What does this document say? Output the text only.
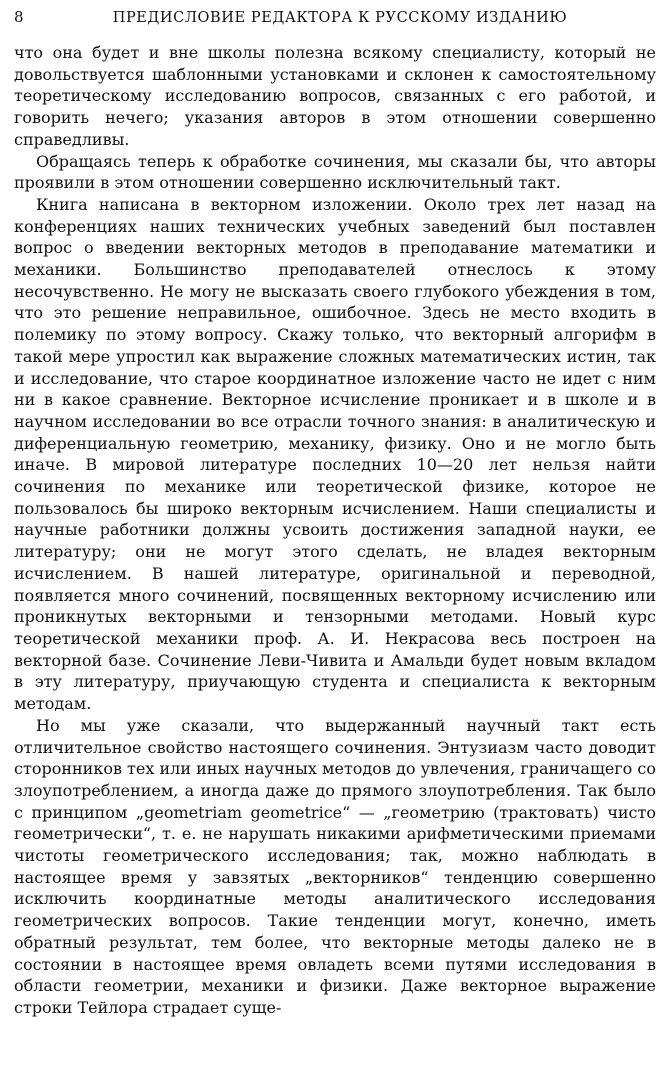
8	ПРЕДИСЛОВИЕ РЕДАКТОРА К РУССКОМУ ИЗДАНИЮ

что она будет и вне школы полезна всякому специалисту, который не довольствуется шаблонными установками и склонен к самостоятельному теоретическому исследованию вопросов, связанных с его работой, и говорить нечего; указания авторов в этом отношении совершенно справедливы.

Обращаясь теперь к обработке сочинения, мы сказали бы, что авторы проявили в этом отношении совершенно исключительный такт.

Книга написана в векторном изложении. Около трех лет назад на конференциях наших технических учебных заведений был поставлен вопрос о введении векторных методов в преподавание математики и механики. Большинство преподавателей отнеслось к этому несочувственно. Не могу не высказать своего глубокого убеждения в том, что это решение неправильное, ошибочное. Здесь не место входить в полемику по этому вопросу. Скажу только, что векторный алгорифм в такой мере упростил как выражение сложных математических истин, так и исследование, что старое координатное изложение часто не идет с ним ни в какое сравнение. Векторное исчисление проникает и в школе и в научном исследовании во все отрасли точного знания: в аналитическую и диференциальную геометрию, механику, физику. Оно и не могло быть иначе. В мировой литературе последних 10—20 лет нельзя найти сочинения по механике или теоретической физике, которое не пользовалось бы широко векторным исчислением. Наши специалисты и научные работники должны усвоить достижения западной науки, ее литературу; они не могут этого сделать, не владея векторным исчислением. В нашей литературе, оригинальной и переводной, появляется много сочинений, посвященных векторному исчислению или проникнутых векторными и тензорными методами. Новый курс теоретической механики проф. А. И. Некрасова весь построен на векторной базе. Сочинение Леви-Чивита и Амальди будет новым вкладом в эту литературу, приучающую студента и специалиста к векторным методам.

Но мы уже сказали, что выдержанный научный такт есть отличительное свойство настоящего сочинения. Энтузиазм часто доводит сторонников тех или иных научных методов до увлечения, граничащего со злоупотреблением, а иногда даже до прямого злоупотребления. Так было с принципом „geometriam geometrice“ — „геометрию (трактовать) чисто геометрически“, т. е. не нарушать никакими арифметическими приемами чистоты геометрического исследования; так, можно наблюдать в настоящее время у завзятых „векторников“ тенденцию совершенно исключить координатные методы аналитического исследования геометрических вопросов. Такие тенденции могут, конечно, иметь обратный результат, тем более, что векторные методы далеко не в состоянии в настоящее время овладеть всеми путями исследования в области геометрии, механики и физики. Даже векторное выражение строки Тейлора страдает суще-
